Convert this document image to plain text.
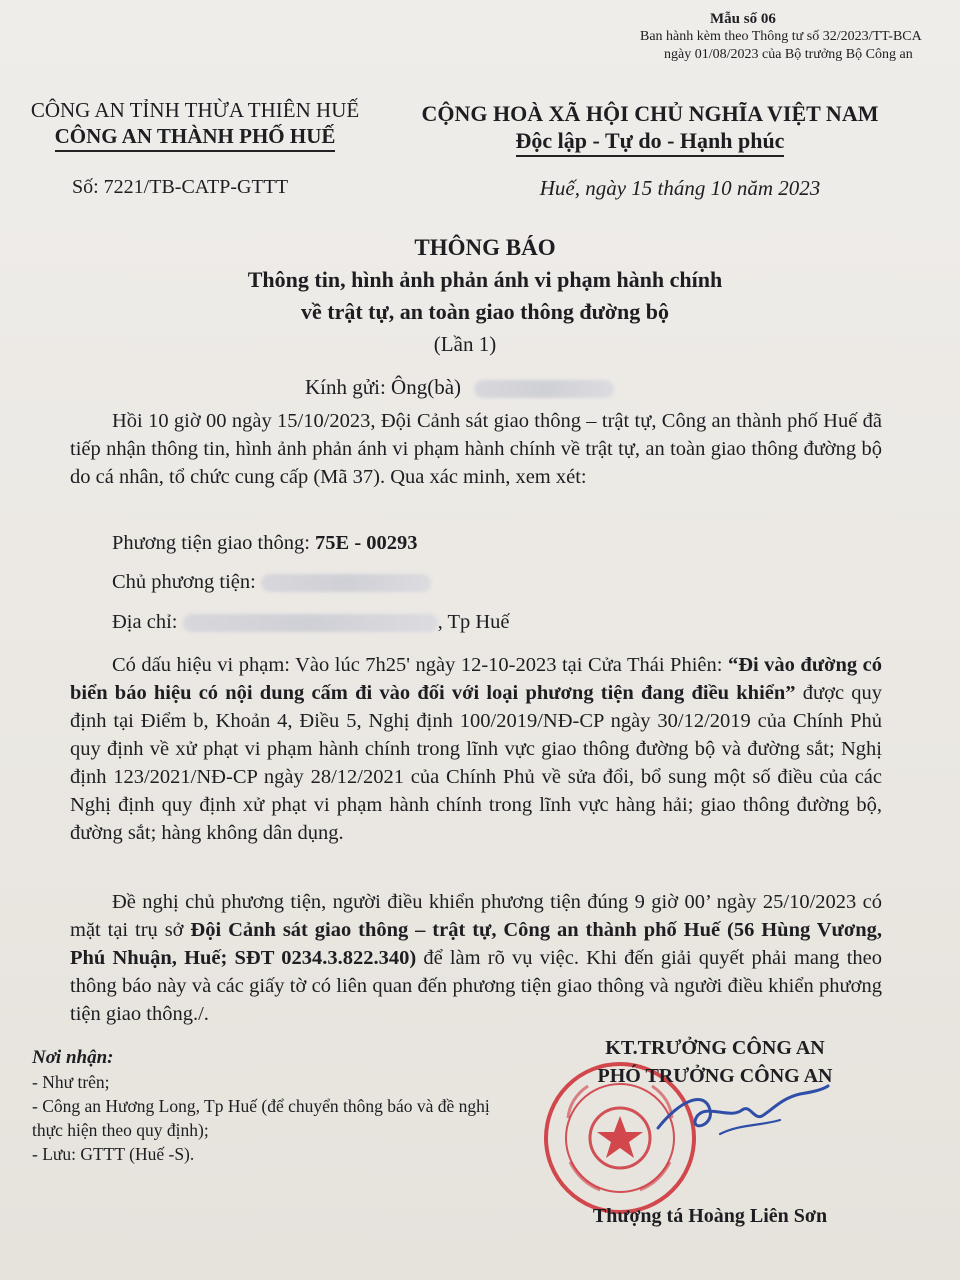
Mẫu số 06
Ban hành kèm theo Thông tư số 32/2023/TT-BCA
ngày 01/08/2023 của Bộ trưởng Bộ Công an
CÔNG AN TỈNH THỪA THIÊN HUẾ
CÔNG AN THÀNH PHỐ HUẾ
CỘNG HOÀ XÃ HỘI CHỦ NGHĨA VIỆT NAM
Độc lập - Tự do - Hạnh phúc
Số: 7221/TB-CATP-GTTT	Huế, ngày 15 tháng 10 năm 2023
THÔNG BÁO
Thông tin, hình ảnh phản ánh vi phạm hành chính
về trật tự, an toàn giao thông đường bộ
(Lần 1)
Kính gửi: Ông(bà)

Hồi 10 giờ 00 ngày 15/10/2023, Đội Cảnh sát giao thông – trật tự, Công an thành phố Huế đã tiếp nhận thông tin, hình ảnh phản ánh vi phạm hành chính về trật tự, an toàn giao thông đường bộ do cá nhân, tổ chức cung cấp (Mã 37). Qua xác minh, xem xét:

Phương tiện giao thông: 75E - 00293
Chủ phương tiện:
Địa chỉ:	, Tp Huế

Có dấu hiệu vi phạm: Vào lúc 7h25' ngày 12-10-2023 tại Cửa Thái Phiên: “Đi vào đường có biển báo hiệu có nội dung cấm đi vào đối với loại phương tiện đang điều khiển” được quy định tại Điểm b, Khoản 4, Điều 5, Nghị định 100/2019/NĐ-CP ngày 30/12/2019 của Chính Phủ quy định về xử phạt vi phạm hành chính trong lĩnh vực giao thông đường bộ và đường sắt; Nghị định 123/2021/NĐ-CP ngày 28/12/2021 của Chính Phủ về sửa đổi, bổ sung một số điều của các Nghị định quy định xử phạt vi phạm hành chính trong lĩnh vực hàng hải; giao thông đường bộ, đường sắt; hàng không dân dụng.

Đề nghị chủ phương tiện, người điều khiển phương tiện đúng 9 giờ 00’ ngày 25/10/2023 có mặt tại trụ sở Đội Cảnh sát giao thông – trật tự, Công an thành phố Huế (56 Hùng Vương, Phú Nhuận, Huế; SĐT 0234.3.822.340) để làm rõ vụ việc. Khi đến giải quyết phải mang theo thông báo này và các giấy tờ có liên quan đến phương tiện giao thông và người điều khiển phương tiện giao thông./.

Nơi nhận:
- Như trên;
- Công an Hương Long, Tp Huế (để chuyển thông báo và đề nghị thực hiện theo quy định);
- Lưu: GTTT (Huế -S).
KT.TRƯỞNG CÔNG AN
PHÓ TRƯỞNG CÔNG AN
Thượng tá Hoàng Liên Sơn
